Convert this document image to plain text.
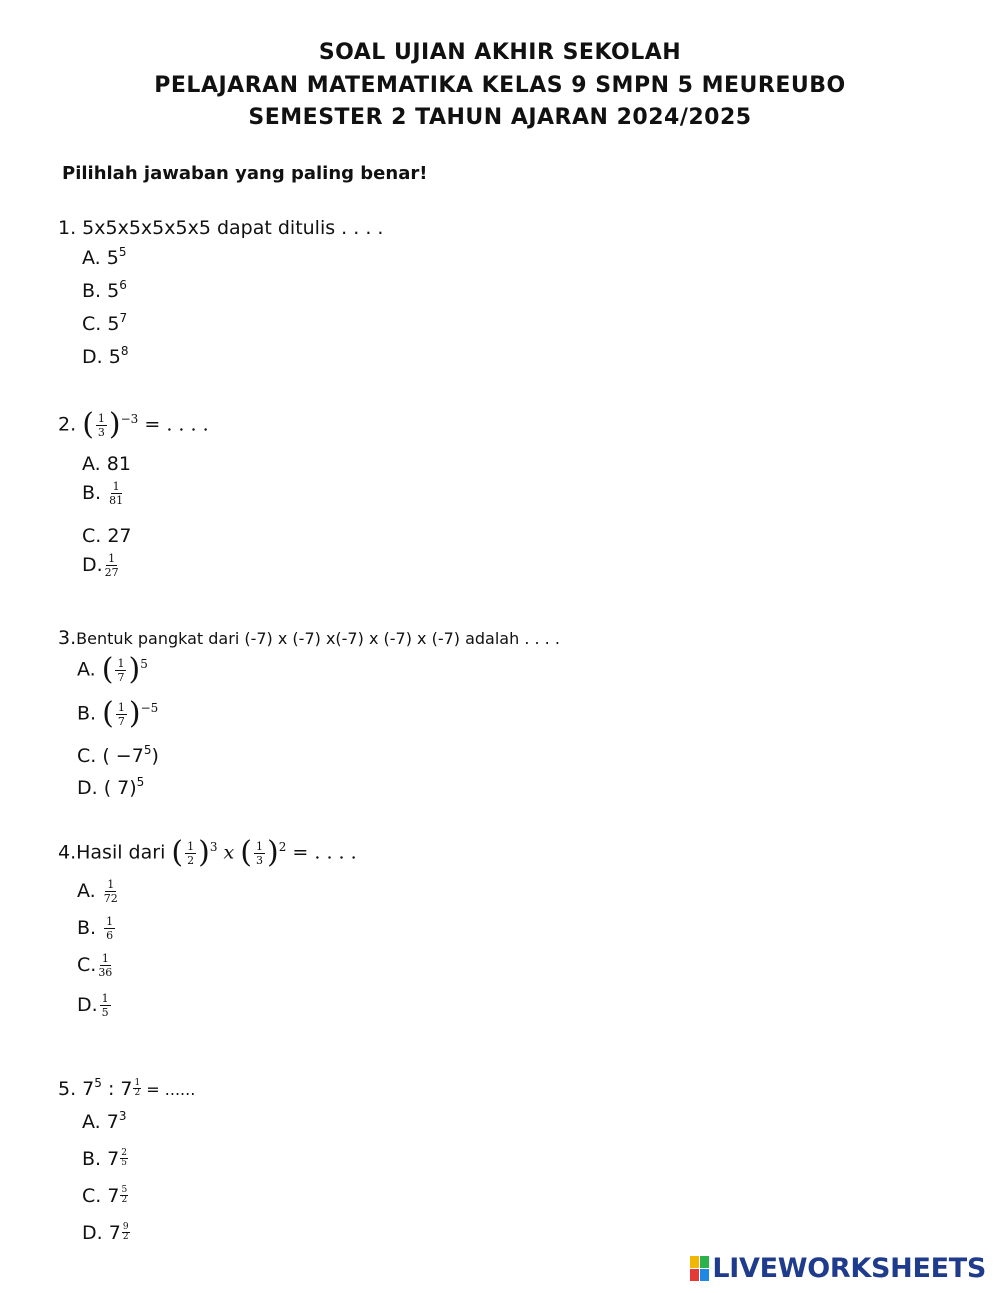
SOAL UJIAN AKHIR SEKOLAH
PELAJARAN MATEMATIKA KELAS 9 SMPN 5 MEUREUBO
SEMESTER 2 TAHUN AJARAN 2024/2025
Pilihlah jawaban yang paling benar!
1. 5x5x5x5x5x5 dapat ditulis . . . .
A. $5^5$
B. $5^6$
C. $5^7$
D. $5^8$
2. ( $\frac{1}{3} )^{-3}$ = . . . .
A. 81
B. $\frac{1}{81}$
C. 27
D. $\frac{1}{27}$
3.Bentuk pangkat dari (-7) x (-7) x(-7) x (-7) x (-7) adalah . . . .
A. ( $\frac{1}{7} )^5$
B. ( $\frac{1}{7} )^{-5}$
C. ( $-7^5$)
D. ( 7)$^5$
4.Hasil dari ( $\frac{1}{2} )^3$ x ( $\frac{1}{3} )^2$ = . . . .
A. $\frac{1}{72}$
B. $\frac{1}{6}$
C. $\frac{1}{36}$
D. $\frac{1}{5}$
5. $7^5$ : $7 \frac{1}{2}$ = ......
A. $7^3$
B. $7 \frac{2}{5}$
C. $7 \frac{5}{2}$
D. $7 \frac{9}{2}$
LIVEWORKSHEETS
